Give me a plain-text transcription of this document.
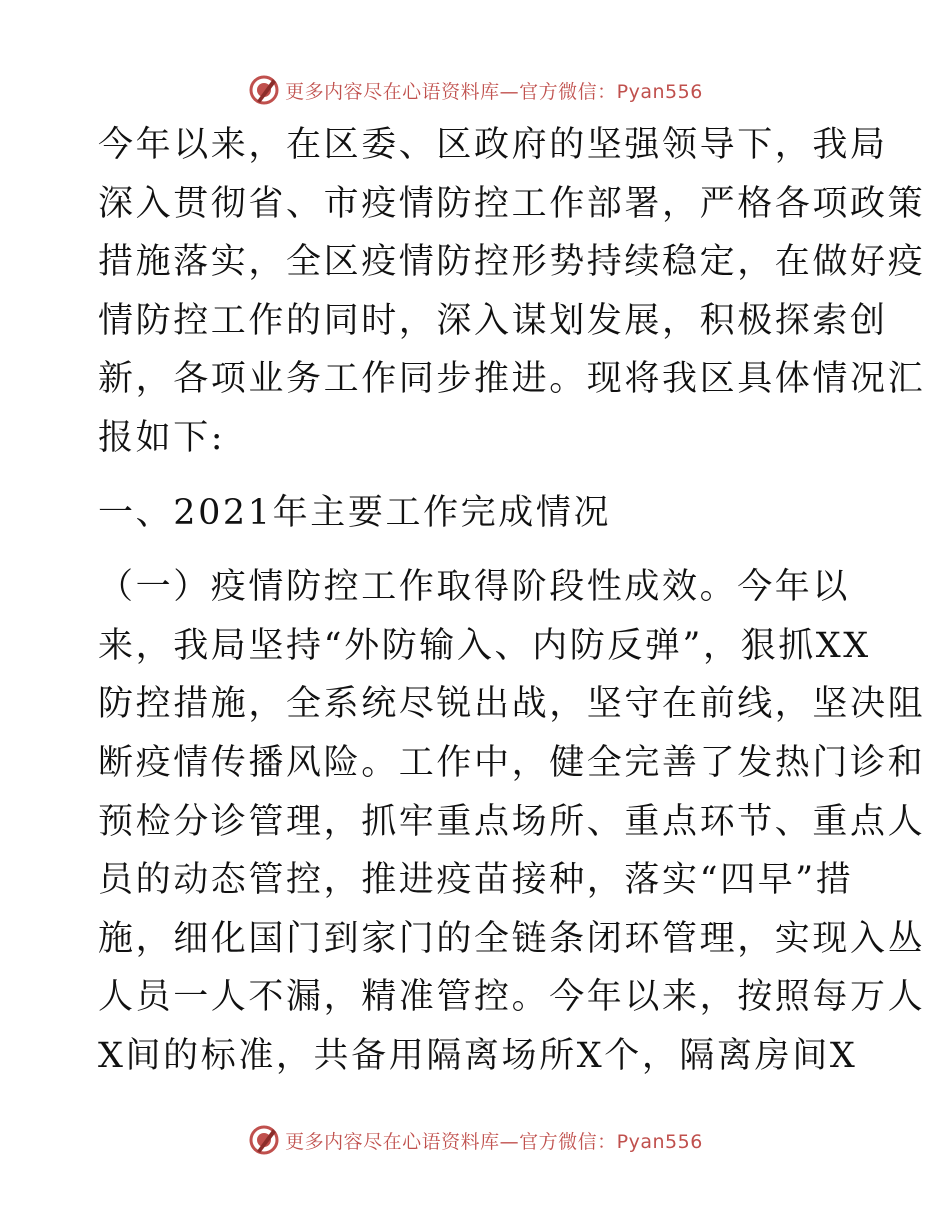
更多内容尽在心语资料库—官方微信：Pyan556
今年以来，在区委、区政府的坚强领导下，我局
深入贯彻省、市疫情防控工作部署，严格各项政策
措施落实，全区疫情防控形势持续稳定，在做好疫
情防控工作的同时，深入谋划发展，积极探索创
新，各项业务工作同步推进。现将我区具体情况汇
报如下:
一、2021年主要工作完成情况
（一）疫情防控工作取得阶段性成效。今年以
来，我局坚持“外防输入、内防反弹”，狠抓XX
防控措施，全系统尽锐出战，坚守在前线，坚决阻
断疫情传播风险。工作中，健全完善了发热门诊和
预检分诊管理，抓牢重点场所、重点环节、重点人
员的动态管控，推进疫苗接种，落实“四早”措
施，细化国门到家门的全链条闭环管理，实现入丛
人员一人不漏，精准管控。今年以来，按照每万人
X间的标准，共备用隔离场所X个，隔离房间X
更多内容尽在心语资料库—官方微信：Pyan556
